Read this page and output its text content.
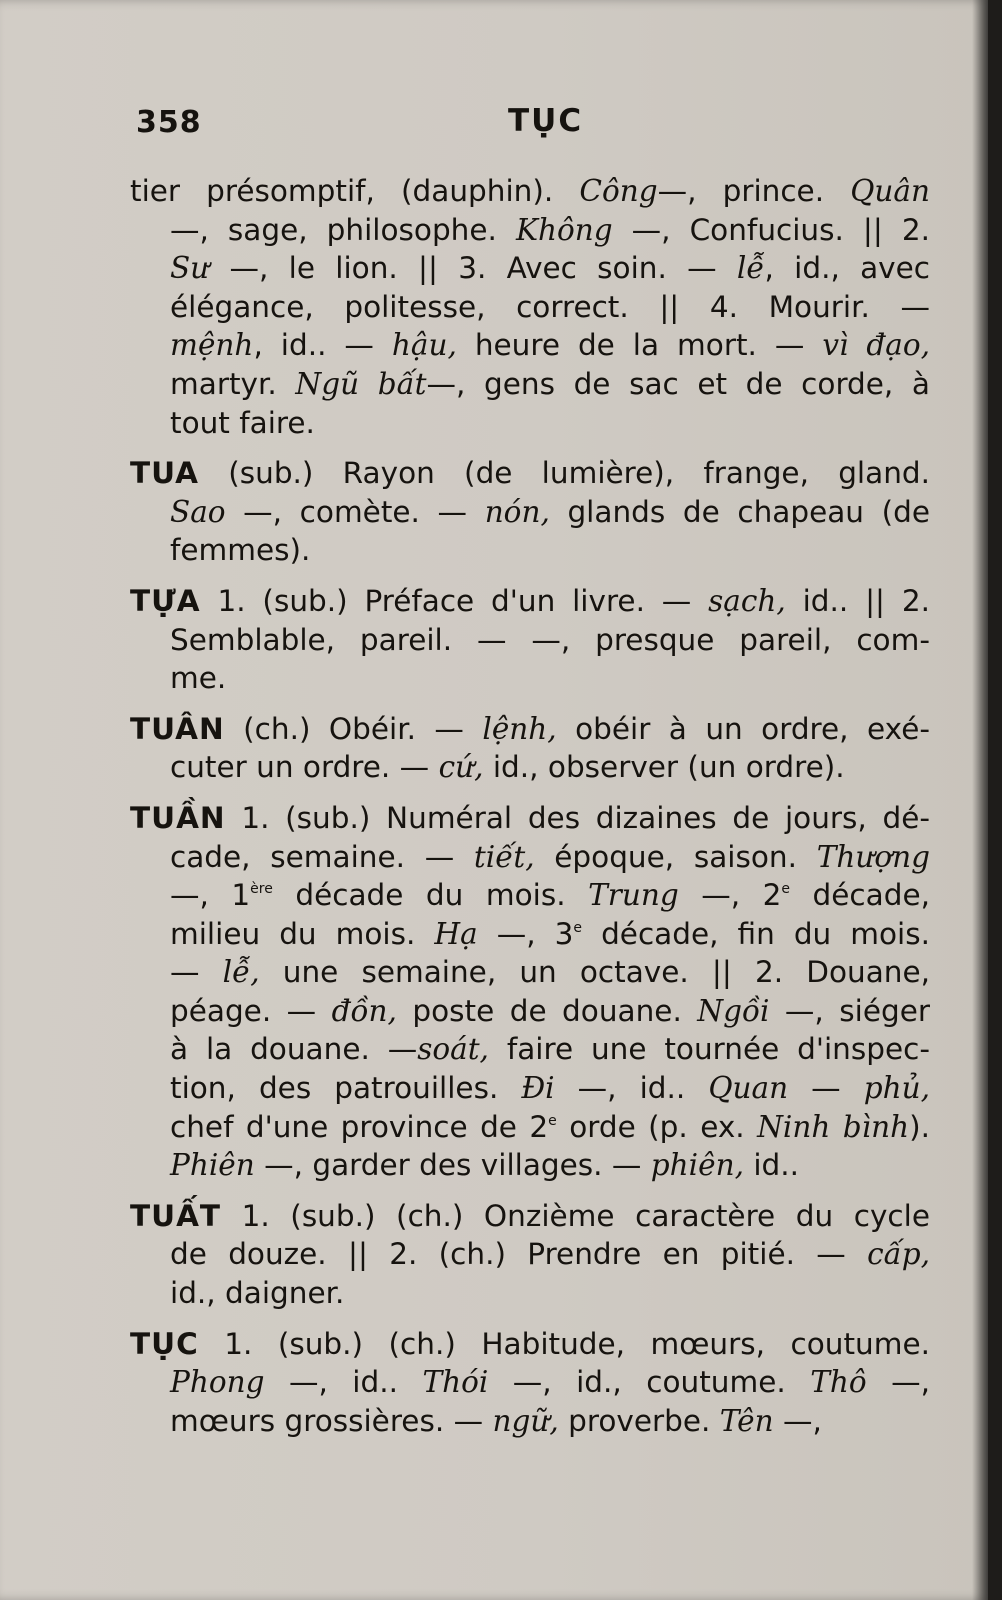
358	TỤC
tier présomptif, (dauphin). Công—, prince. Quân
—, sage, philosophe. Không —, Confucius. || 2.
Sư —, le lion. || 3. Avec soin. — lễ, id., avec
élégance, politesse, correct. || 4. Mourir. —
mệnh, id.. — hậu, heure de la mort. — vì đạo,
martyr. Ngũ bất—, gens de sac et de corde, à
tout faire.
TUA (sub.) Rayon (de lumière), frange, gland.
Sao —, comète. — nón, glands de chapeau (de
femmes).
TỰA 1. (sub.) Préface d'un livre. — sạch, id.. || 2.
Semblable, pareil. — —, presque pareil, com-
me.
TUÂN (ch.) Obéir. — lệnh, obéir à un ordre, exé-
cuter un ordre. — cứ, id., observer (un ordre).
TUẦN 1. (sub.) Numéral des dizaines de jours, dé-
cade, semaine. — tiết, époque, saison. Thượng
—, 1ère décade du mois. Trung —, 2e décade,
milieu du mois. Hạ —, 3e décade, fin du mois.
— lễ, une semaine, un octave. || 2. Douane,
péage. — đồn, poste de douane. Ngồi —, siéger
à la douane. —soát, faire une tournée d'inspec-
tion, des patrouilles. Đi —, id.. Quan — phủ,
chef d'une province de 2e orde (p. ex. Ninh bình).
Phiên —, garder des villages. — phiên, id..
TUẤT 1. (sub.) (ch.) Onzième caractère du cycle
de douze. || 2. (ch.) Prendre en pitié. — cấp,
id., daigner.
TỤC 1. (sub.) (ch.) Habitude, mœurs, coutume.
Phong —, id.. Thói —, id., coutume. Thô —,
mœurs grossières. — ngữ, proverbe. Tên —,
